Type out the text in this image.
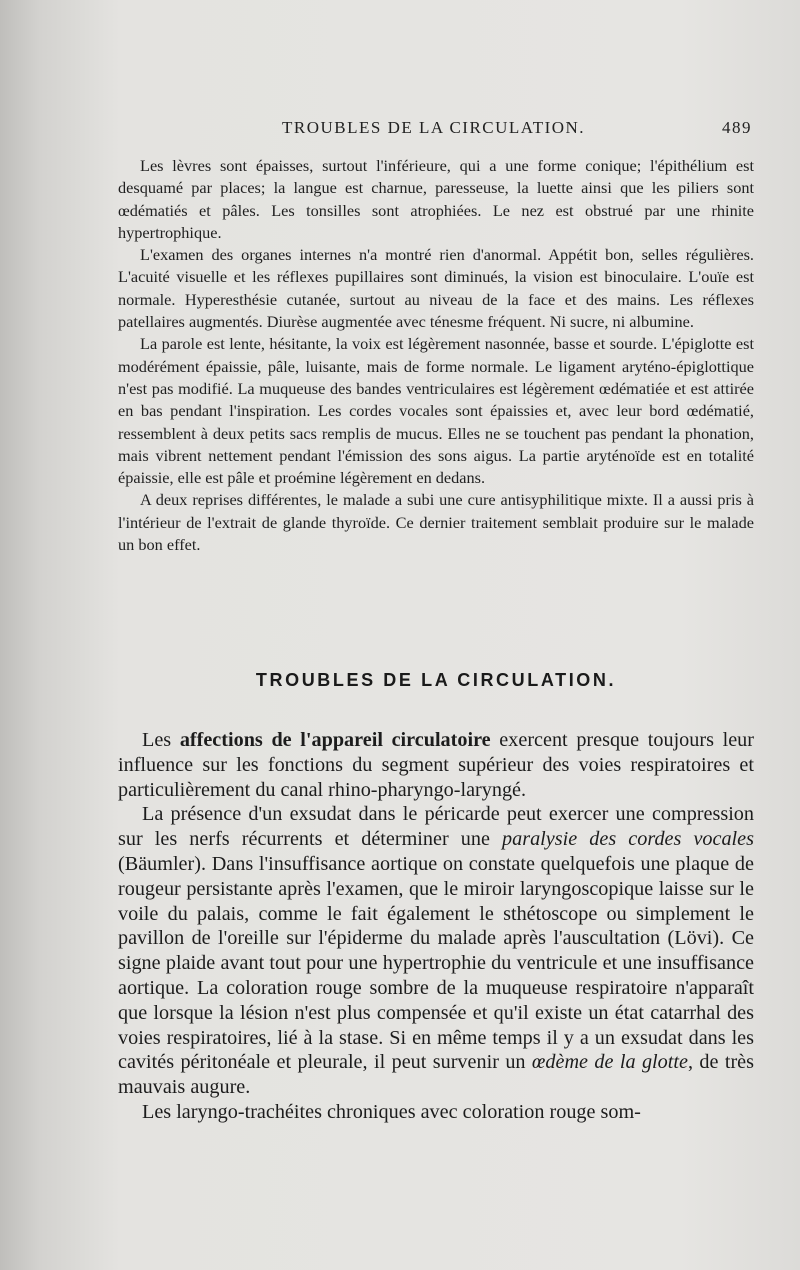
TROUBLES DE LA CIRCULATION.	489

Les lèvres sont épaisses, surtout l'inférieure, qui a une forme conique; l'épithélium est desquamé par places; la langue est charnue, paresseuse, la luette ainsi que les piliers sont œdématiés et pâles. Les tonsilles sont atrophiées. Le nez est obstrué par une rhinite hypertrophique.

L'examen des organes internes n'a montré rien d'anormal. Appétit bon, selles régulières. L'acuité visuelle et les réflexes pupillaires sont diminués, la vision est binoculaire. L'ouïe est normale. Hyperesthésie cutanée, surtout au niveau de la face et des mains. Les réflexes patellaires augmentés. Diurèse augmentée avec ténesme fréquent. Ni sucre, ni albumine.

La parole est lente, hésitante, la voix est légèrement nasonnée, basse et sourde. L'épiglotte est modérément épaissie, pâle, luisante, mais de forme normale. Le ligament aryténo-épiglottique n'est pas modifié. La muqueuse des bandes ventriculaires est légèrement œdématiée et est attirée en bas pendant l'inspiration. Les cordes vocales sont épaissies et, avec leur bord œdématié, ressemblent à deux petits sacs remplis de mucus. Elles ne se touchent pas pendant la phonation, mais vibrent nettement pendant l'émission des sons aigus. La partie aryténoïde est en totalité épaissie, elle est pâle et proémine légèrement en dedans.

A deux reprises différentes, le malade a subi une cure antisyphilitique mixte. Il a aussi pris à l'intérieur de l'extrait de glande thyroïde. Ce dernier traitement semblait produire sur le malade un bon effet.

TROUBLES DE LA CIRCULATION.

Les affections de l'appareil circulatoire exercent presque toujours leur influence sur les fonctions du segment supérieur des voies respiratoires et particulièrement du canal rhino-pharyngo-laryngé.

La présence d'un exsudat dans le péricarde peut exercer une compression sur les nerfs récurrents et déterminer une paralysie des cordes vocales (Bäumler). Dans l'insuffisance aortique on constate quelquefois une plaque de rougeur persistante après l'examen, que le miroir laryngoscopique laisse sur le voile du palais, comme le fait également le sthétoscope ou simplement le pavillon de l'oreille sur l'épiderme du malade après l'auscultation (Lövi). Ce signe plaide avant tout pour une hypertrophie du ventricule et une insuffisance aortique. La coloration rouge sombre de la muqueuse respiratoire n'apparaît que lorsque la lésion n'est plus compensée et qu'il existe un état catarrhal des voies respiratoires, lié à la stase. Si en même temps il y a un exsudat dans les cavités péritonéale et pleurale, il peut survenir un œdème de la glotte, de très mauvais augure.

Les laryngo-trachéites chroniques avec coloration rouge som-
